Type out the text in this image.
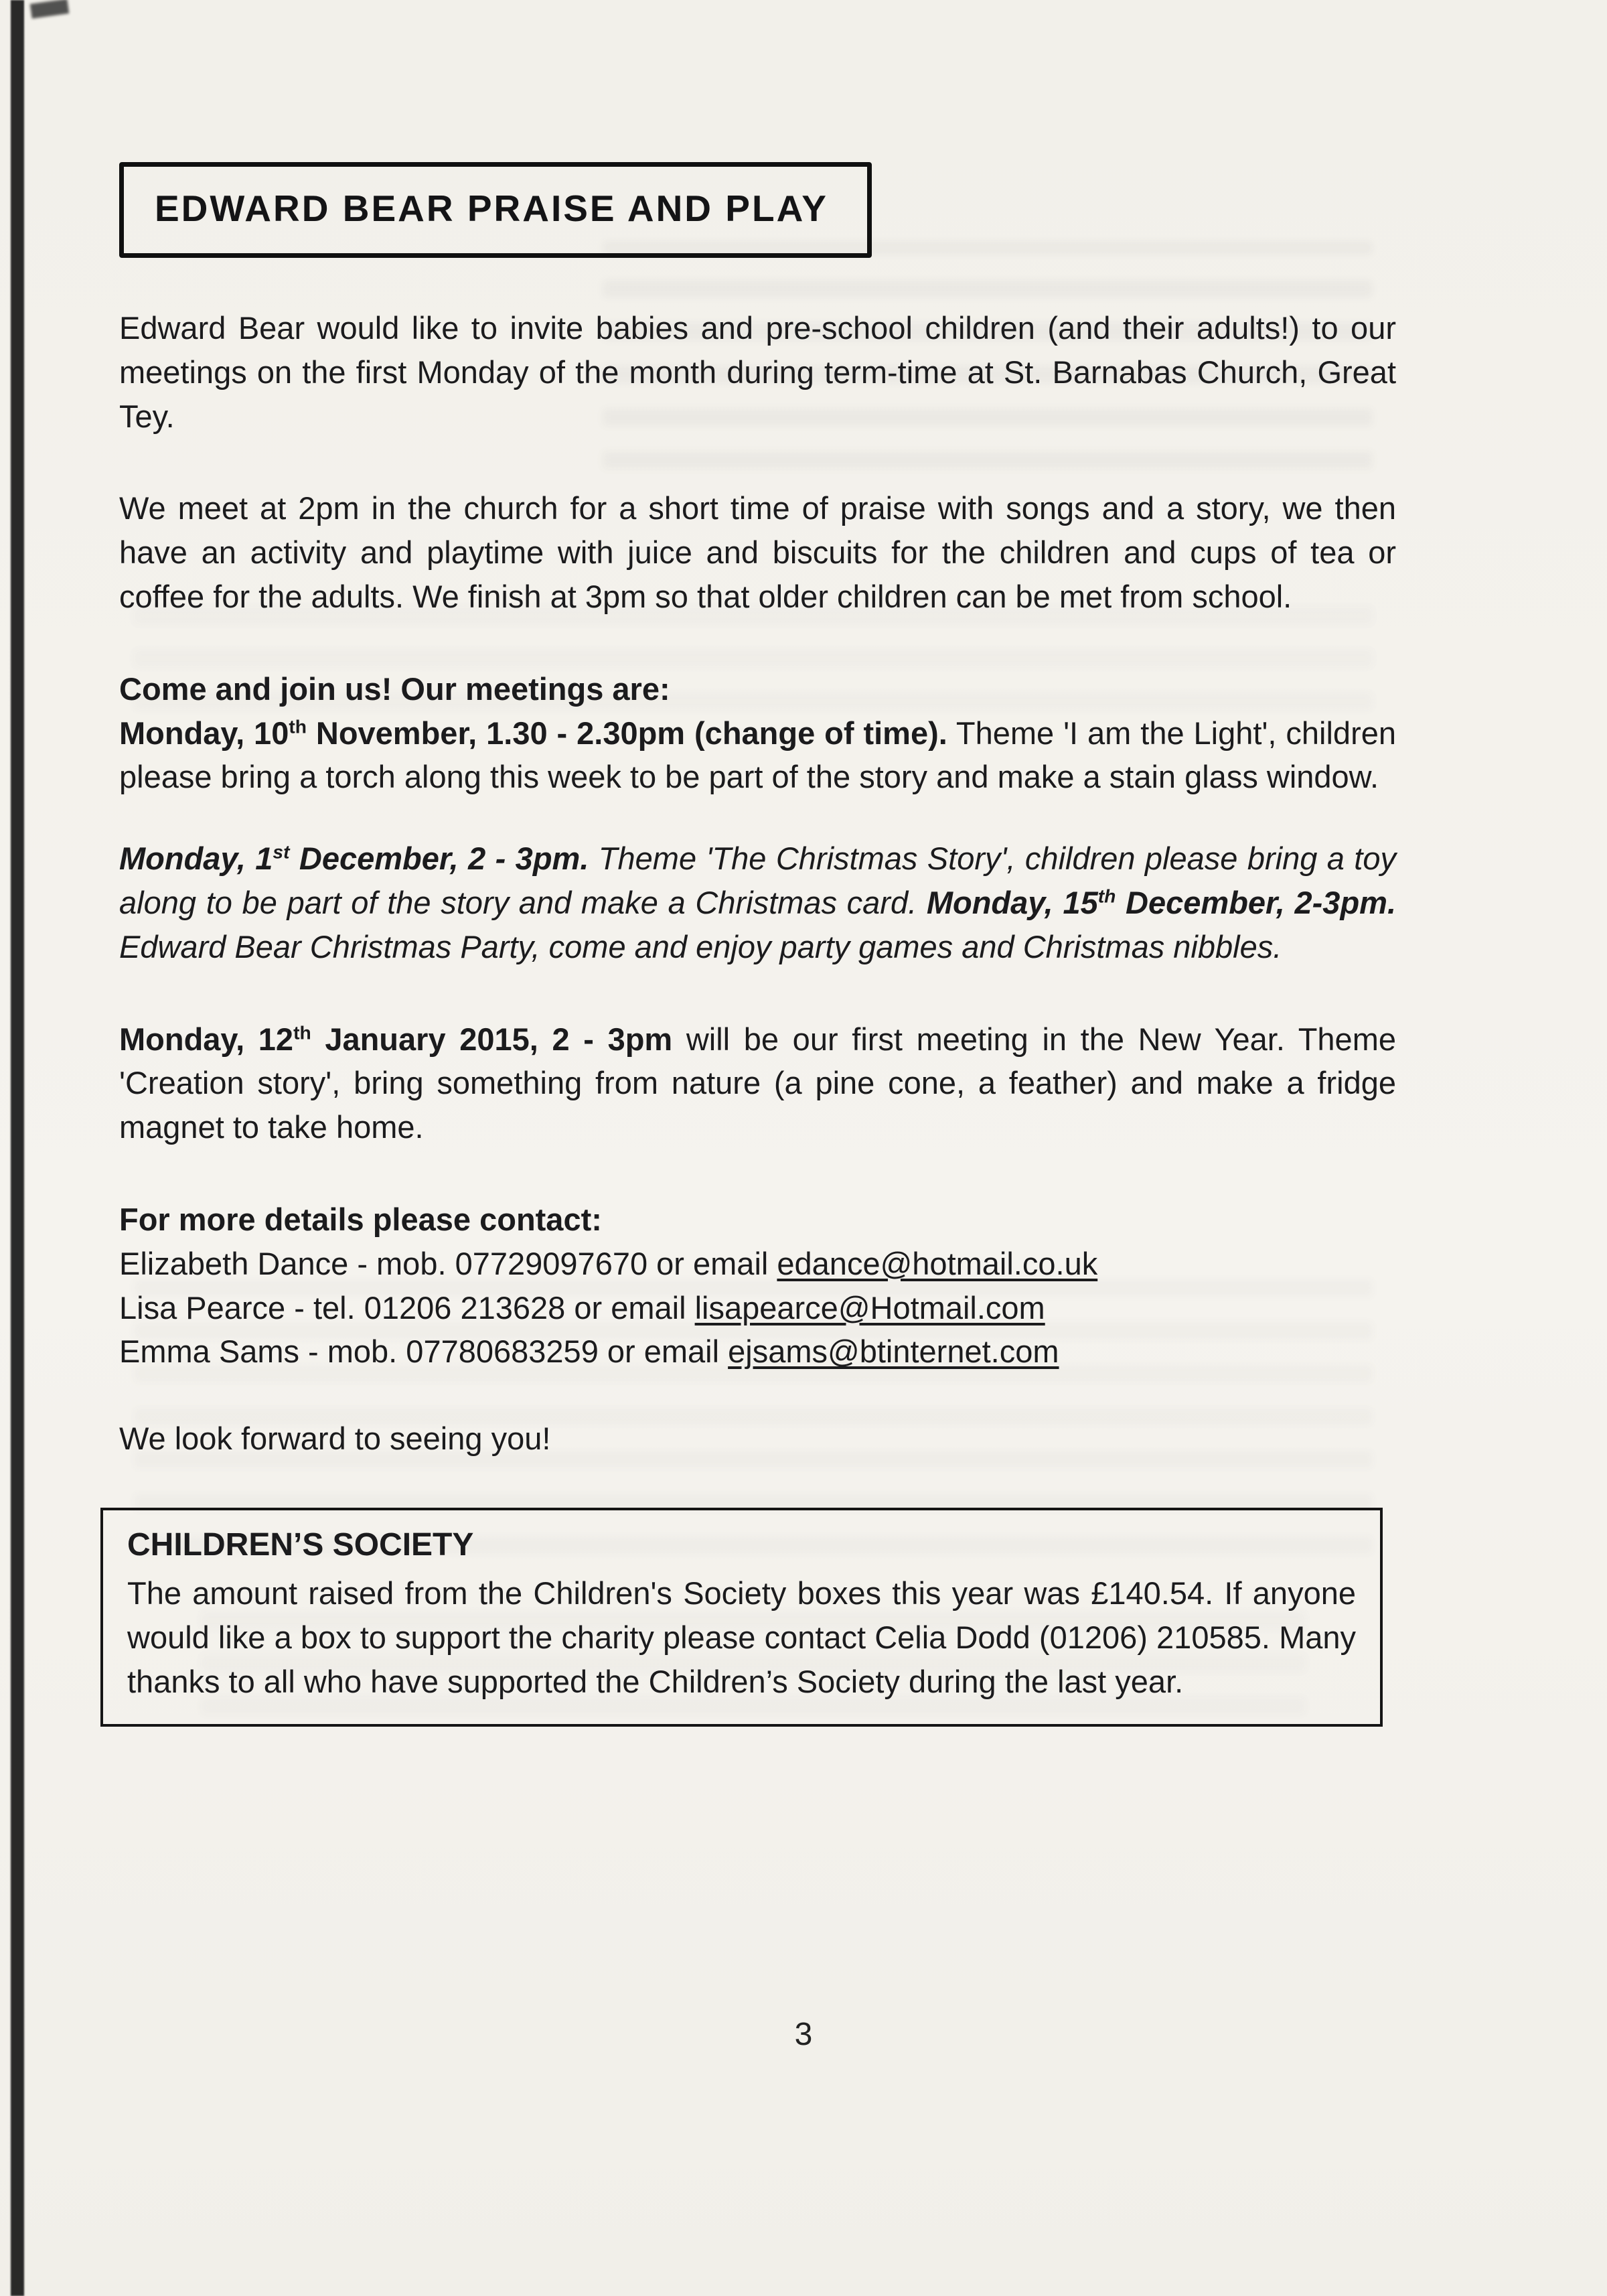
EDWARD BEAR PRAISE AND PLAY

Edward Bear would like to invite babies and pre-school children (and their adults!) to our meetings on the first Monday of the month during term-time at St. Barnabas Church, Great Tey.

We meet at 2pm in the church for a short time of praise with songs and a story, we then have an activity and playtime with juice and biscuits for the children and cups of tea or coffee for the adults. We finish at 3pm so that older children can be met from school.

Come and join us! Our meetings are:
Monday, 10th November, 1.30 - 2.30pm (change of time). Theme 'I am the Light', children please bring a torch along this week to be part of the story and make a stain glass window.
Monday, 1st December, 2 - 3pm. Theme 'The Christmas Story', children please bring a toy along to be part of the story and make a Christmas card. Monday, 15th December, 2-3pm. Edward Bear Christmas Party, come and enjoy party games and Christmas nibbles.
Monday, 12th January 2015, 2 - 3pm will be our first meeting in the New Year. Theme 'Creation story', bring something from nature (a pine cone, a feather) and make a fridge magnet to take home.
For more details please contact:
Elizabeth Dance - mob. 07729097670 or email edance@hotmail.co.uk
Lisa Pearce - tel. 01206 213628 or email lisapearce@Hotmail.com
Emma Sams - mob. 07780683259 or email ejsams@btinternet.com
We look forward to seeing you!
CHILDREN’S SOCIETY
The amount raised from the Children's Society boxes this year was £140.54. If anyone would like a box to support the charity please contact Celia Dodd (01206) 210585. Many thanks to all who have supported the Children’s Society during the last year.
3
